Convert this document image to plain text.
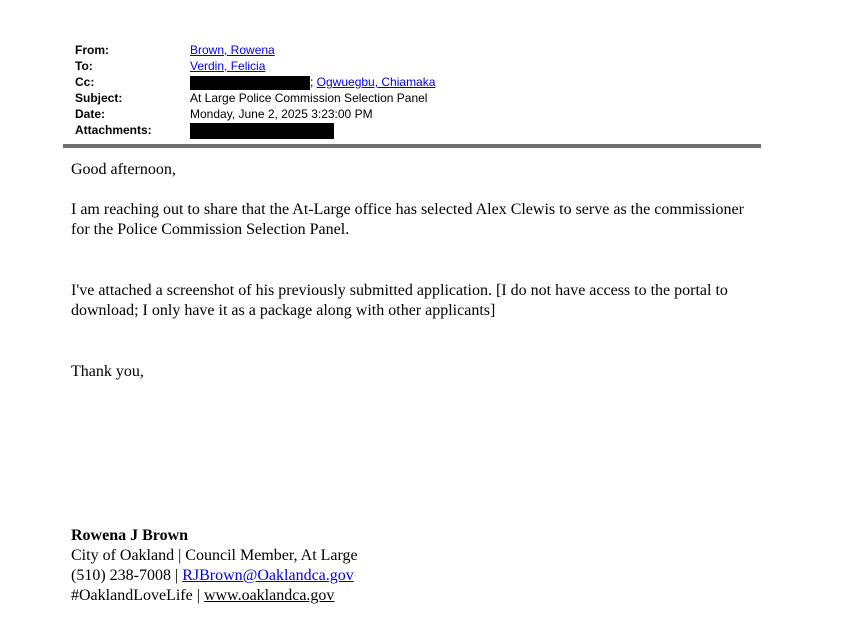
From:	Brown, Rowena
To:	Verdin, Felicia
Cc:	; Ogwuegbu, Chiamaka
Subject:	At Large Police Commission Selection Panel
Date:	Monday, June 2, 2025 3:23:00 PM
Attachments:

Good afternoon,

I am reaching out to share that the At-Large office has selected Alex Clewis to serve as the commissioner for the Police Commission Selection Panel.

I've attached a screenshot of his previously submitted application. [I do not have access to the portal to download; I only have it as a package along with other applicants]

Thank you,

Rowena J Brown
City of Oakland | Council Member, At Large
(510) 238-7008 | RJBrown@Oaklandca.gov
#OaklandLoveLife | www.oaklandca.gov
